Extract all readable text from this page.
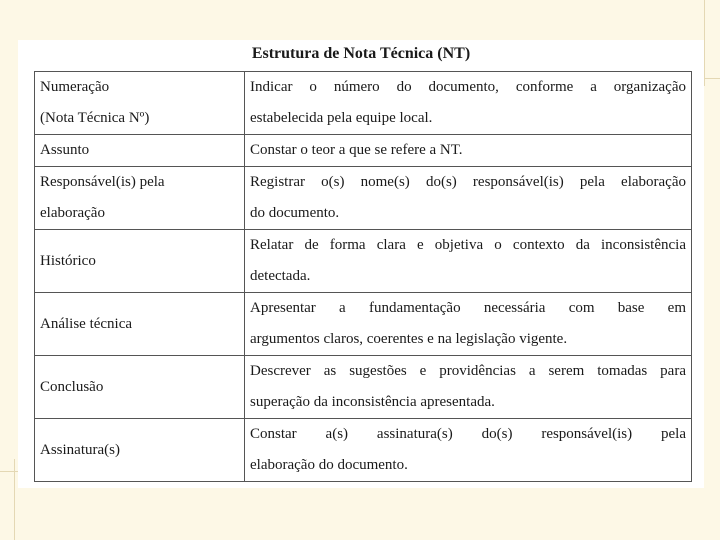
Estrutura de Nota Técnica (NT)
Numeração
(Nota Técnica Nº)	Indicar o número do documento, conforme a organização
estabelecida pela equipe local.

Assunto	Constar o teor a que se refere a NT.

Responsável(is) pela
elaboração	Registrar o(s) nome(s) do(s) responsável(is) pela elaboração
do documento.

Histórico	Relatar de forma clara e objetiva o contexto da inconsistência
detectada.

Análise técnica	Apresentar a fundamentação necessária com base em
argumentos claros, coerentes e na legislação vigente.

Conclusão	Descrever as sugestões e providências a serem tomadas para
superação da inconsistência apresentada.

Assinatura(s)	Constar a(s) assinatura(s) do(s) responsável(is) pela
elaboração do documento.
